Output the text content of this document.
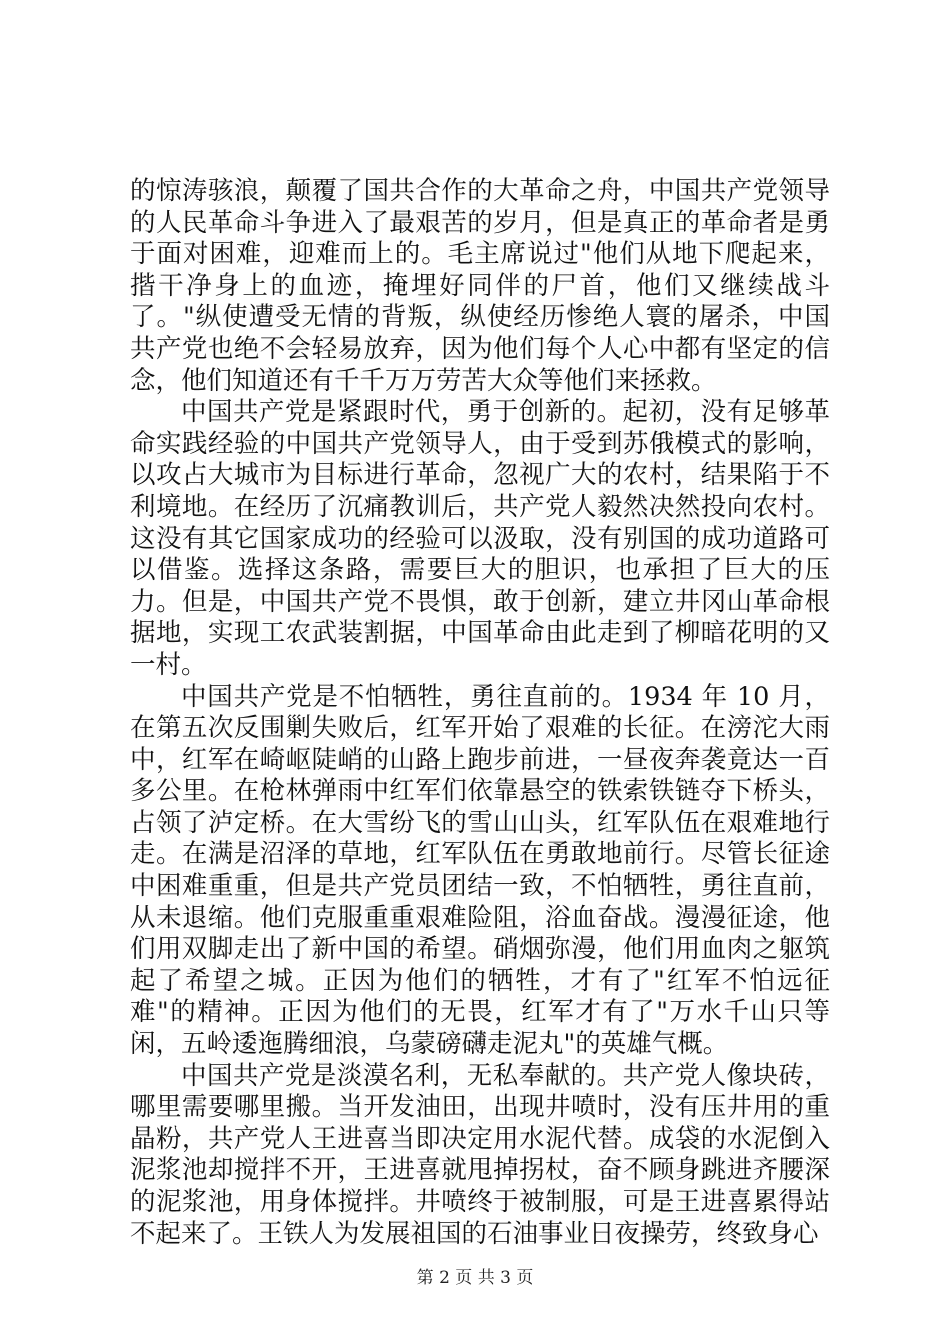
的惊涛骇浪，颠覆了国共合作的大革命之舟，中国共产党领导的人民革命斗争进入了最艰苦的岁月，但是真正的革命者是勇于面对困难，迎难而上的。毛主席说过"他们从地下爬起来，揩干净身上的血迹，掩埋好同伴的尸首，他们又继续战斗了。"纵使遭受无情的背叛，纵使经历惨绝人寰的屠杀，中国共产党也绝不会轻易放弃，因为他们每个人心中都有坚定的信念，他们知道还有千千万万劳苦大众等他们来拯救。

中国共产党是紧跟时代，勇于创新的。起初，没有足够革命实践经验的中国共产党领导人，由于受到苏俄模式的影响，以攻占大城市为目标进行革命，忽视广大的农村，结果陷于不利境地。在经历了沉痛教训后，共产党人毅然决然投向农村。这没有其它国家成功的经验可以汲取，没有别国的成功道路可以借鉴。选择这条路，需要巨大的胆识，也承担了巨大的压力。但是，中国共产党不畏惧，敢于创新，建立井冈山革命根据地，实现工农武装割据，中国革命由此走到了柳暗花明的又一村。

中国共产党是不怕牺牲，勇往直前的。1934 年 10 月，在第五次反围剿失败后，红军开始了艰难的长征。在滂沱大雨中，红军在崎岖陡峭的山路上跑步前进，一昼夜奔袭竟达一百多公里。在枪林弹雨中红军们依靠悬空的铁索铁链夺下桥头，占领了泸定桥。在大雪纷飞的雪山山头，红军队伍在艰难地行走。在满是沼泽的草地，红军队伍在勇敢地前行。尽管长征途中困难重重，但是共产党员团结一致，不怕牺牲，勇往直前，从未退缩。他们克服重重艰难险阻，浴血奋战。漫漫征途，他们用双脚走出了新中国的希望。硝烟弥漫，他们用血肉之躯筑起了希望之城。正因为他们的牺牲，才有了"红军不怕远征难"的精神。正因为他们的无畏，红军才有了"万水千山只等闲，五岭逶迤腾细浪，乌蒙磅礴走泥丸"的英雄气概。

中国共产党是淡漠名利，无私奉献的。共产党人像块砖，哪里需要哪里搬。当开发油田，出现井喷时，没有压井用的重晶粉，共产党人王进喜当即决定用水泥代替。成袋的水泥倒入泥浆池却搅拌不开，王进喜就甩掉拐杖，奋不顾身跳进齐腰深的泥浆池，用身体搅拌。井喷终于被制服，可是王进喜累得站不起来了。王铁人为发展祖国的石油事业日夜操劳，终致身心

第 2 页 共 3 页
